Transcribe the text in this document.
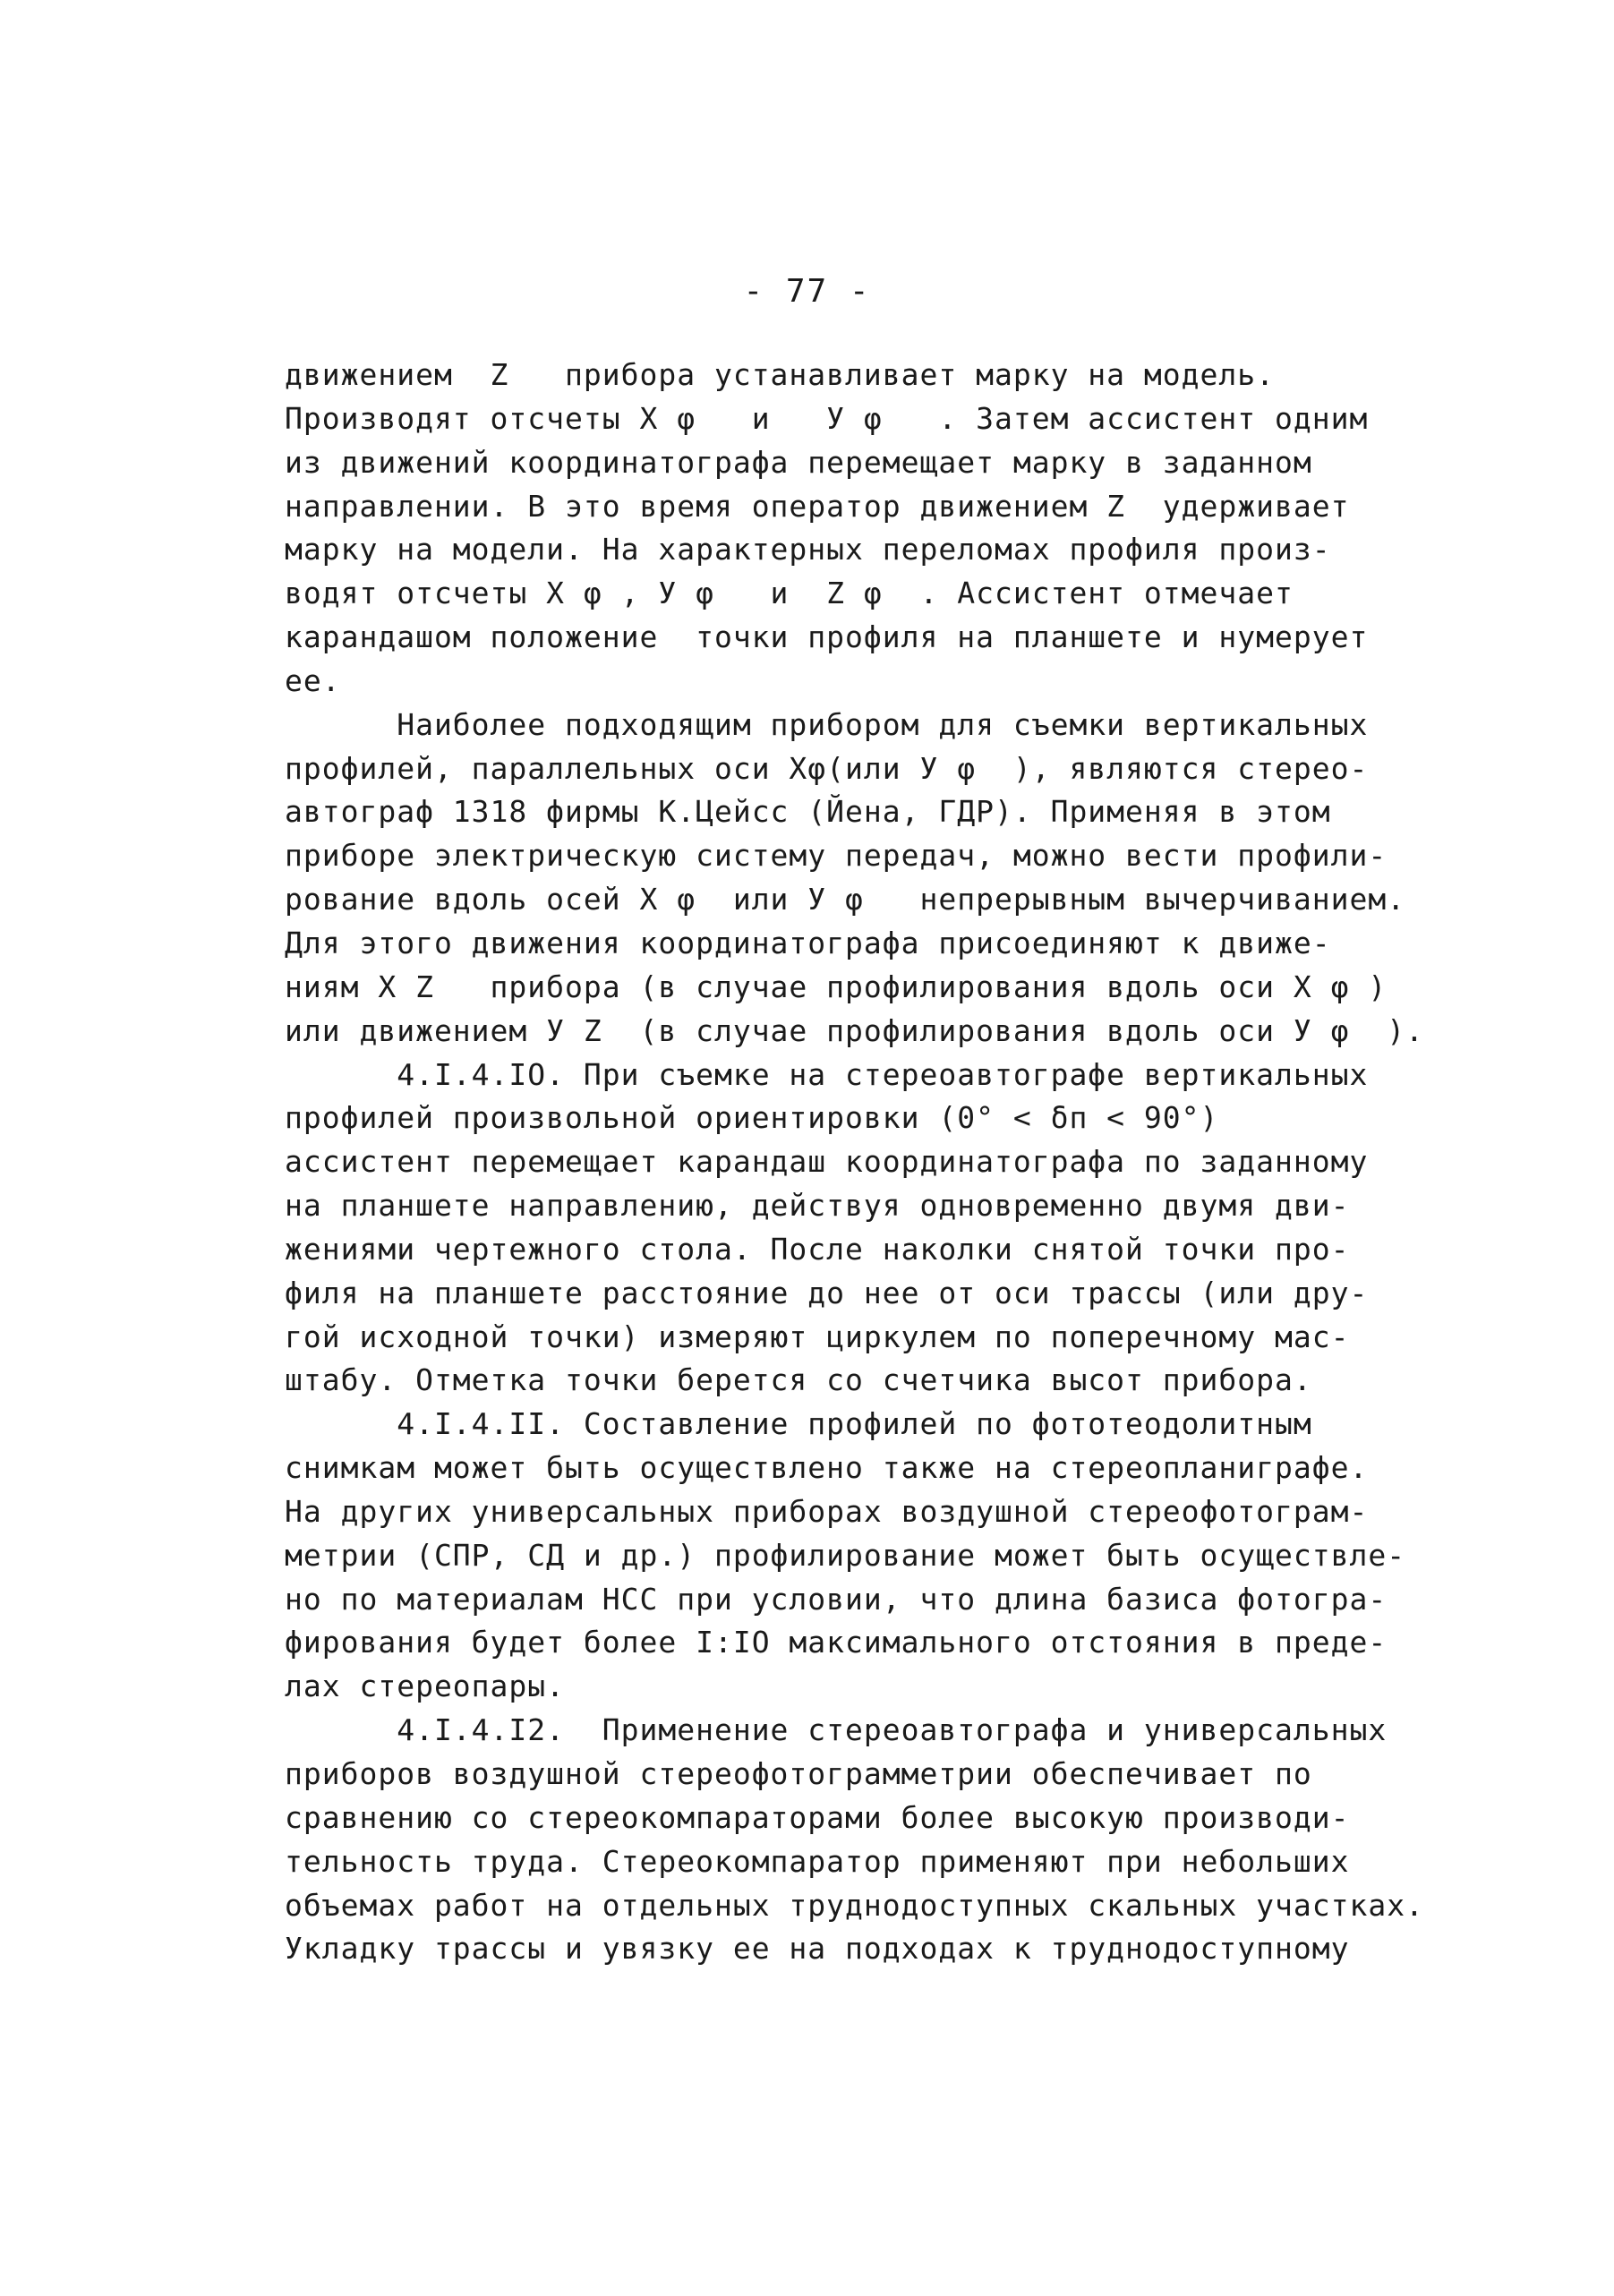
- 77 -
движением  Z   прибора устанавливает марку на модель.
Производят отсчеты Х φ   и   У φ   . Затем ассистент одним
из движений координатографа перемещает марку в заданном
направлении. В это время оператор движением Z  удерживает
марку на модели. На характерных переломах профиля произ-
водят отсчеты Х φ , У φ   и  Z φ  . Ассистент отмечает
карандашом положение  точки профиля на планшете и нумерует
ее.
Наиболее подходящим прибором для съемки вертикальных
профилей, параллельных оси Хφ(или У φ  ), являются стерео-
автограф 1318 фирмы К.Цейсс (Йена, ГДР). Применяя в этом
приборе электрическую систему передач, можно вести профили-
рование вдоль осей Х φ  или У φ   непрерывным вычерчиванием.
Для этого движения координатографа присоединяют к движе-
ниям Х Z   прибора (в случае профилирования вдоль оси Х φ )
или движением У Z  (в случае профилирования вдоль оси У φ  ).
4.I.4.IO. При съемке на стереоавтографе вертикальных
профилей произвольной ориентировки (0° < δп < 90°)
ассистент перемещает карандаш координатографа по заданному
на планшете направлению, действуя одновременно двумя дви-
жениями чертежного стола. После наколки снятой точки про-
филя на планшете расстояние до нее от оси трассы (или дру-
гой исходной точки) измеряют циркулем по поперечному мас-
штабу. Отметка точки берется со счетчика высот прибора.
4.I.4.II. Составление профилей по фототеодолитным
снимкам может быть осуществлено также на стереопланиграфе.
На других универсальных приборах воздушной стереофотограм-
метрии (СПР, СД и др.) профилирование может быть осуществле-
но по материалам НСС при условии, что длина базиса фотогра-
фирования будет более I:IO максимального отстояния в преде-
лах стереопары.
4.I.4.I2.  Применение стереоавтографа и универсальных
приборов воздушной стереофотограмметрии обеспечивает по
сравнению со стереокомпараторами более высокую производи-
тельность труда. Стереокомпаратор применяют при небольших
объемах работ на отдельных труднодоступных скальных участках.
Укладку трассы и увязку ее на подходах к труднодоступному
